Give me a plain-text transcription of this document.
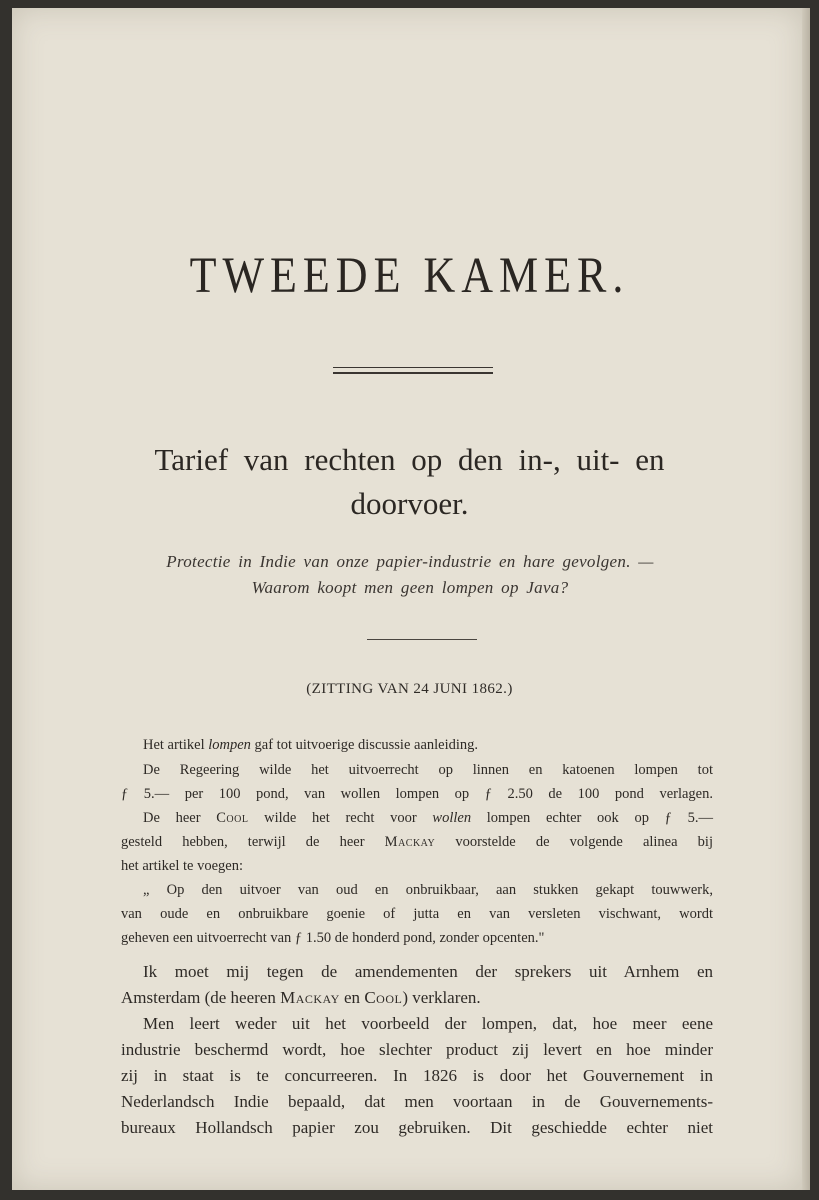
TWEEDE KAMER.
Tarief van rechten op den in-, uit- en doorvoer.
Protectie in Indie van onze papier-industrie en hare gevolgen. —
Waarom koopt men geen lompen op Java?
(ZITTING VAN 24 JUNI 1862.)
Het artikel lompen gaf tot uitvoerige discussie aanleiding.
De Regeering wilde het uitvoerrecht op linnen en katoenen lompen tot
ƒ 5.— per 100 pond, van wollen lompen op ƒ 2.50 de 100 pond verlagen.
De heer Cool wilde het recht voor wollen lompen echter ook op ƒ 5.—
gesteld hebben, terwijl de heer Mackay voorstelde de volgende alinea bij
het artikel te voegen:
„ Op den uitvoer van oud en onbruikbaar, aan stukken gekapt touwwerk,
van oude en onbruikbare goenie of jutta en van versleten vischwant, wordt
geheven een uitvoerrecht van ƒ 1.50 de honderd pond, zonder opcenten."
Ik moet mij tegen de amendementen der sprekers uit Arnhem en
Amsterdam (de heeren Mackay en Cool) verklaren.
Men leert weder uit het voorbeeld der lompen, dat, hoe meer eene
industrie beschermd wordt, hoe slechter product zij levert en hoe minder
zij in staat is te concurreeren. In 1826 is door het Gouvernement in
Nederlandsch Indie bepaald, dat men voortaan in de Gouvernements-
bureaux Hollandsch papier zou gebruiken. Dit geschiedde echter niet
